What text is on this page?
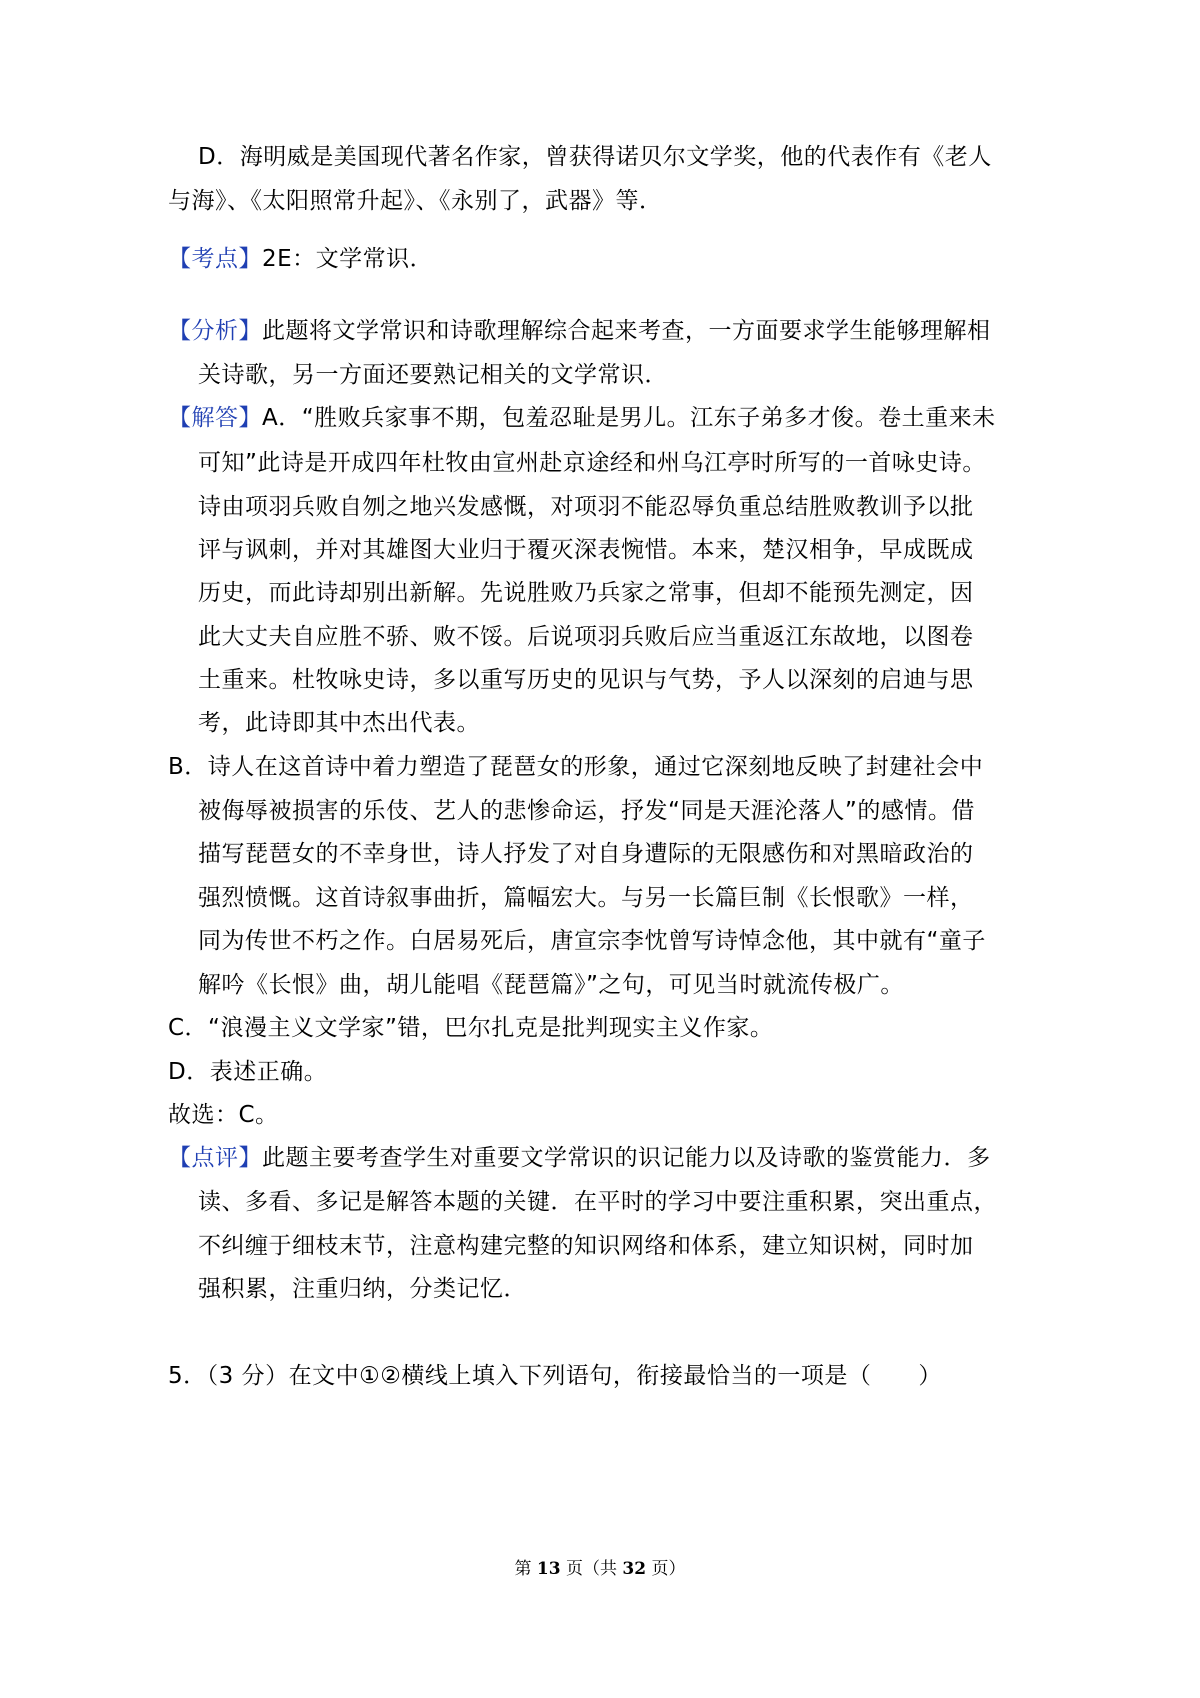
D．海明威是美国现代著名作家，曾获得诺贝尔文学奖，他的代表作有《老人
与海》、《太阳照常升起》、《永别了，武器》等．
【考点】2E：文学常识．
【分析】此题将文学常识和诗歌理解综合起来考查，一方面要求学生能够理解相
关诗歌，另一方面还要熟记相关的文学常识．
【解答】A．“胜败兵家事不期，包羞忍耻是男儿。江东子弟多才俊。卷土重来未
可知”此诗是开成四年杜牧由宣州赴京途经和州乌江亭时所写的一首咏史诗。
诗由项羽兵败自刎之地兴发感慨，对项羽不能忍辱负重总结胜败教训予以批
评与讽刺，并对其雄图大业归于覆灭深表惋惜。本来，楚汉相争，早成既成
历史，而此诗却别出新解。先说胜败乃兵家之常事，但却不能预先测定，因
此大丈夫自应胜不骄、败不馁。后说项羽兵败后应当重返江东故地，以图卷
土重来。杜牧咏史诗，多以重写历史的见识与气势，予人以深刻的启迪与思
考，此诗即其中杰出代表。
B．诗人在这首诗中着力塑造了琵琶女的形象，通过它深刻地反映了封建社会中
被侮辱被损害的乐伎、艺人的悲惨命运，抒发“同是天涯沦落人”的感情。借
描写琵琶女的不幸身世，诗人抒发了对自身遭际的无限感伤和对黑暗政治的
强烈愤慨。这首诗叙事曲折，篇幅宏大。与另一长篇巨制《长恨歌》一样，
同为传世不朽之作。白居易死后，唐宣宗李忱曾写诗悼念他，其中就有“童子
解吟《长恨》曲，胡儿能唱《琵琶篇》”之句，可见当时就流传极广。
C．“浪漫主义文学家”错，巴尔扎克是批判现实主义作家。
D．表述正确。
故选：C。
【点评】此题主要考查学生对重要文学常识的识记能力以及诗歌的鉴赏能力．多
读、多看、多记是解答本题的关键．在平时的学习中要注重积累，突出重点，
不纠缠于细枝末节，注意构建完整的知识网络和体系，建立知识树，同时加
强积累，注重归纳，分类记忆．
5．（3 分）在文中①②横线上填入下列语句，衔接最恰当的一项是（　　）
第 13 页（共 32 页）
